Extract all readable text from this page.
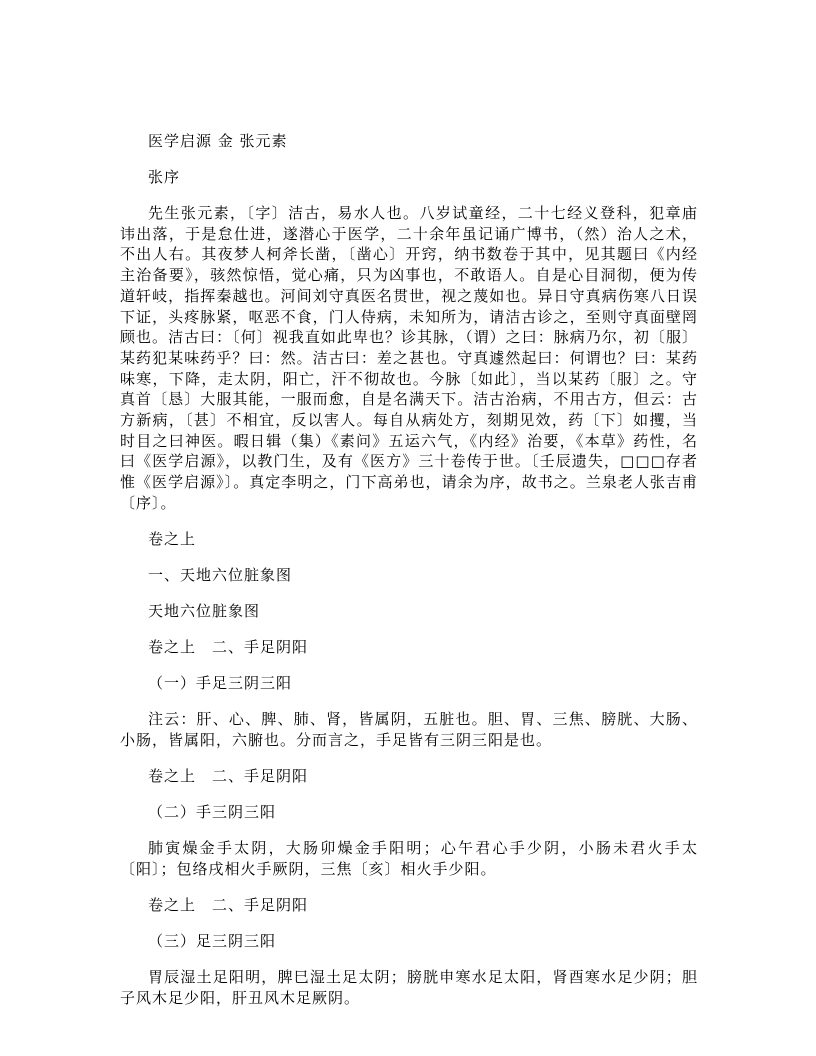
医学启源 金 张元素

张序

先生张元素，〔字〕洁古，易水人也。八岁试童经，二十七经义登科，犯章庙讳出落，于是怠仕进，遂潜心于医学，二十余年虽记诵广博书，（然）治人之术，不出人右。其夜梦人柯斧长凿，〔凿心〕开窍，纳书数卷于其中，见其题曰《内经主治备要》，骇然惊悟，觉心痛，只为凶事也，不敢语人。自是心目洞彻，便为传道轩岐，指挥秦越也。河间刘守真医名贯世，视之蔑如也。异日守真病伤寒八日误下证，头疼脉紧，呕恶不食，门人侍病，未知所为，请洁古诊之，至则守真面壁罔顾也。洁古曰：〔何〕视我直如此卑也？诊其脉，（谓）之曰：脉病乃尔，初〔服〕某药犯某味药乎？曰：然。洁古曰：差之甚也。守真遽然起曰：何谓也？曰：某药味寒，下降，走太阴，阳亡，汗不彻故也。今脉〔如此〕，当以某药〔服〕之。守真首〔恳〕大服其能，一服而愈，自是名满天下。洁古治病，不用古方，但云：古方新病，〔甚〕不相宜，反以害人。每自从病处方，刻期见效，药〔下〕如攫，当时目之曰神医。暇日辑（集）《素问》五运六气，《内经》治要，《本草》药性，名曰《医学启源》，以教门生，及有《医方》三十卷传于世。〔壬辰遗失，□□□存者惟《医学启源》〕。真定李明之，门下高弟也，请余为序，故书之。兰泉老人张吉甫〔序〕。

卷之上

一、天地六位脏象图

天地六位脏象图

卷之上　二、手足阴阳

（一）手足三阴三阳

注云：肝、心、脾、肺、肾，皆属阴，五脏也。胆、胃、三焦、膀胱、大肠、小肠，皆属阳，六腑也。分而言之，手足皆有三阴三阳是也。

卷之上　二、手足阴阳

（二）手三阴三阳

肺寅燥金手太阴，大肠卯燥金手阳明；心午君心手少阴，小肠未君火手太〔阳〕；包络戌相火手厥阴，三焦〔亥〕相火手少阳。

卷之上　二、手足阴阳

（三）足三阴三阳

胃辰湿土足阳明，脾巳湿土足太阴；膀胱申寒水足太阳，肾酉寒水足少阴；胆子风木足少阳，肝丑风木足厥阴。
